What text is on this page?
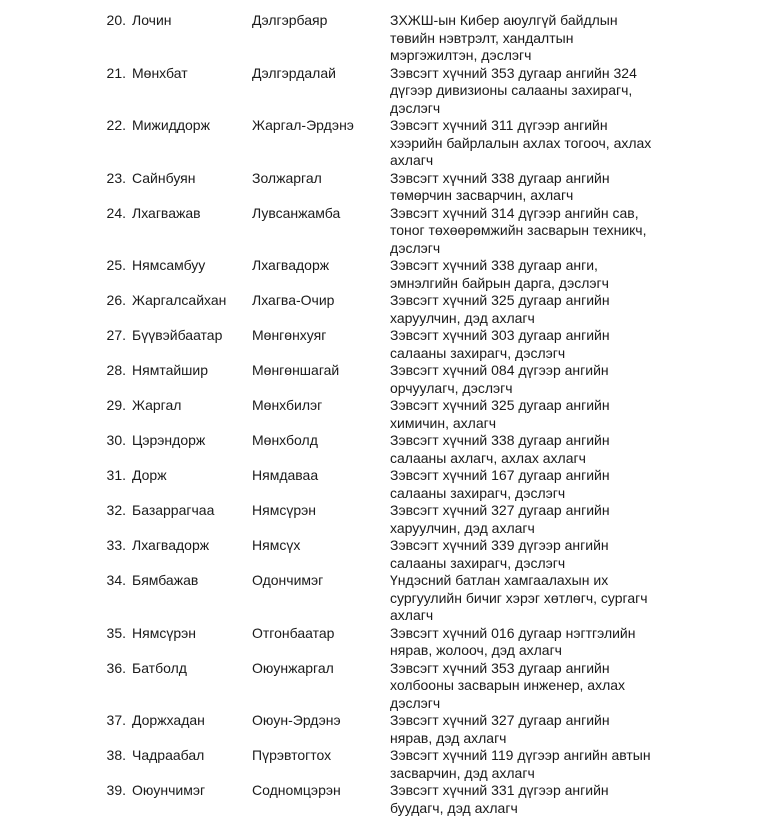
20. Лочин	Дэлгэрбаяр	ЗХЖШ-ын Кибер аюулгүй байдлын
төвийн нэвтрэлт, хандалтын
мэргэжилтэн, дэслэгч
21. Мөнхбат	Дэлгэрдалай	Зэвсэгт хүчний 353 дугаар ангийн 324
дүгээр дивизионы салааны захирагч,
дэслэгч
22. Мижиддорж	Жаргал-Эрдэнэ	Зэвсэгт хүчний 311 дүгээр ангийн
хээрийн байрлалын ахлах тогооч, ахлах
ахлагч
23. Сайнбуян	Золжаргал	Зэвсэгт хүчний 338 дугаар ангийн
төмөрчин засварчин, ахлагч
24. Лхагважав	Лувсанжамба	Зэвсэгт хүчний 314 дүгээр ангийн сав,
тоног төхөөрөмжийн засварын техникч,
дэслэгч
25. Нямсамбуу	Лхагвадорж	Зэвсэгт хүчний 338 дугаар анги,
эмнэлгийн байрын дарга, дэслэгч
26. Жаргалсайхан	Лхагва-Очир	Зэвсэгт хүчний 325 дугаар ангийн
харуулчин, дэд ахлагч
27. Бүүвэйбаатар	Мөнгөнхуяг	Зэвсэгт хүчний 303 дугаар ангийн
салааны захирагч, дэслэгч
28. Нямтайшир	Мөнгөншагай	Зэвсэгт хүчний 084 дүгээр ангийн
орчуулагч, дэслэгч
29. Жаргал	Мөнхбилэг	Зэвсэгт хүчний 325 дугаар ангийн
химичин, ахлагч
30. Цэрэндорж	Мөнхболд	Зэвсэгт хүчний 338 дугаар ангийн
салааны ахлагч, ахлах ахлагч
31. Дорж	Нямдаваа	Зэвсэгт хүчний 167 дугаар ангийн
салааны захирагч, дэслэгч
32. Базаррагчаа	Нямсүрэн	Зэвсэгт хүчний 327 дугаар ангийн
харуулчин, дэд ахлагч
33. Лхагвадорж	Нямсүх	Зэвсэгт хүчний 339 дүгээр ангийн
салааны захирагч, дэслэгч
34. Бямбажав	Одончимэг	Үндэсний батлан хамгаалахын их
сургуулийн бичиг хэрэг хөтлөгч, сургагч
ахлагч
35. Нямсүрэн	Отгонбаатар	Зэвсэгт хүчний 016 дугаар нэгтгэлийн
нярав, жолооч, дэд ахлагч
36. Батболд	Оюунжаргал	Зэвсэгт хүчний 353 дугаар ангийн
холбооны засварын инженер, ахлах
дэслэгч
37. Доржхадан	Оюун-Эрдэнэ	Зэвсэгт хүчний 327 дугаар ангийн
нярав, дэд ахлагч
38. Чадраабал	Пүрэвтогтох	Зэвсэгт хүчний 119 дүгээр ангийн автын
засварчин, дэд ахлагч
39. Оюунчимэг	Содномцэрэн	Зэвсэгт хүчний 331 дүгээр ангийн
буудагч, дэд ахлагч
